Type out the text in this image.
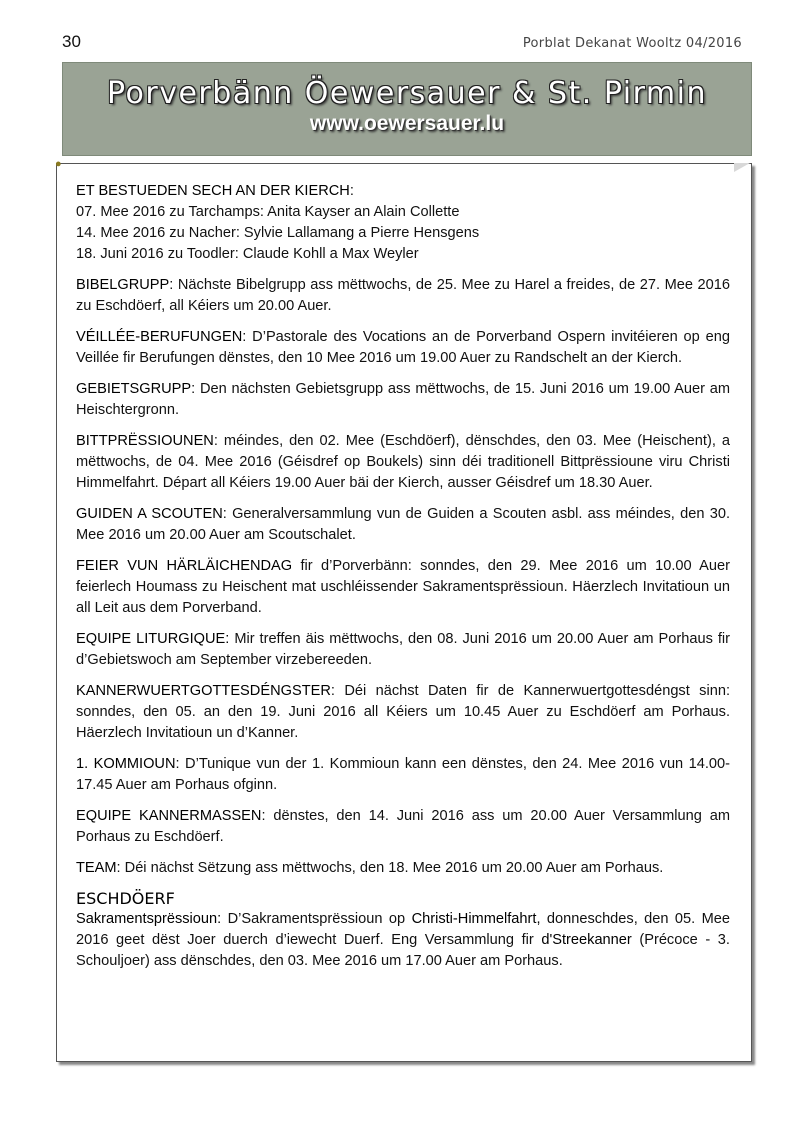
30	Porblat Dekanat Wooltz 04/2016
Porverbänn Öewersauer & St. Pirmin
www.oewersauer.lu
●
ET BESTUEDEN SECH AN DER KIERCH:
07. Mee 2016 zu Tarchamps: Anita Kayser an Alain Collette
14. Mee 2016 zu Nacher: Sylvie Lallamang a Pierre Hensgens
18. Juni 2016 zu Toodler: Claude Kohll a Max Weyler

BIBELGRUPP: Nächste Bibelgrupp ass mëttwochs, de 25. Mee zu Harel a freides, de 27. Mee 2016 zu Eschdöerf, all Kéiers um 20.00 Auer.

VÉILLÉE-BERUFUNGEN: D’Pastorale des Vocations an de Porverband Ospern invitéieren op eng Veillée fir Berufungen dënstes, den 10 Mee 2016 um 19.00 Auer zu Randschelt an der Kierch.

GEBIETSGRUPP: Den nächsten Gebietsgrupp ass mëttwochs, de 15. Juni 2016 um 19.00 Auer am Heischtergronn.

BITTPRËSSIOUNEN: méindes, den 02. Mee (Eschdöerf), dënschdes, den 03. Mee (Heischent), a mëttwochs, de 04. Mee 2016 (Géisdref op Boukels) sinn déi traditionell Bittprëssioune viru Christi Himmelfahrt. Départ all Kéiers 19.00 Auer bäi der Kierch, ausser Géisdref um 18.30 Auer.

GUIDEN A SCOUTEN: Generalversammlung vun de Guiden a Scouten asbl. ass méindes, den 30. Mee 2016 um 20.00 Auer am Scoutschalet.

FEIER VUN HÄRLÄICHENDAG fir d’Porverbänn: sonndes, den 29. Mee 2016 um 10.00 Auer feierlech Houmass zu Heischent mat uschléissender Sakramentsprëssioun. Häerzlech Invitatioun un all Leit aus dem Porverband.

EQUIPE LITURGIQUE: Mir treffen äis mëttwochs, den 08. Juni 2016 um 20.00 Auer am Porhaus fir d’Gebietswoch am September virzebereeden.

KANNERWUERTGOTTESDÉNGSTER: Déi nächst Daten fir de Kannerwuertgottesdéngst sinn: sonndes, den 05. an den 19. Juni 2016 all Kéiers um 10.45 Auer zu Eschdöerf am Porhaus. Häerzlech Invitatioun un d’Kanner.

1. KOMMIOUN: D’Tunique vun der 1. Kommioun kann een dënstes, den 24. Mee 2016 vun 14.00-17.45 Auer am Porhaus ofginn.

EQUIPE KANNERMASSEN: dënstes, den 14. Juni 2016 ass um 20.00 Auer Versammlung am Porhaus zu Eschdöerf.

TEAM: Déi nächst Sëtzung ass mëttwochs, den 18. Mee 2016 um 20.00 Auer am Porhaus.

ESCHDÖERF

Sakramentsprëssioun: D’Sakramentsprëssioun op Christi-Himmelfahrt, donneschdes, den 05. Mee 2016 geet dëst Joer duerch d’iewecht Duerf. Eng Versammlung fir d'Streekanner (Précoce - 3. Schouljoer) ass dënschdes, den 03. Mee 2016 um 17.00 Auer am Porhaus.
